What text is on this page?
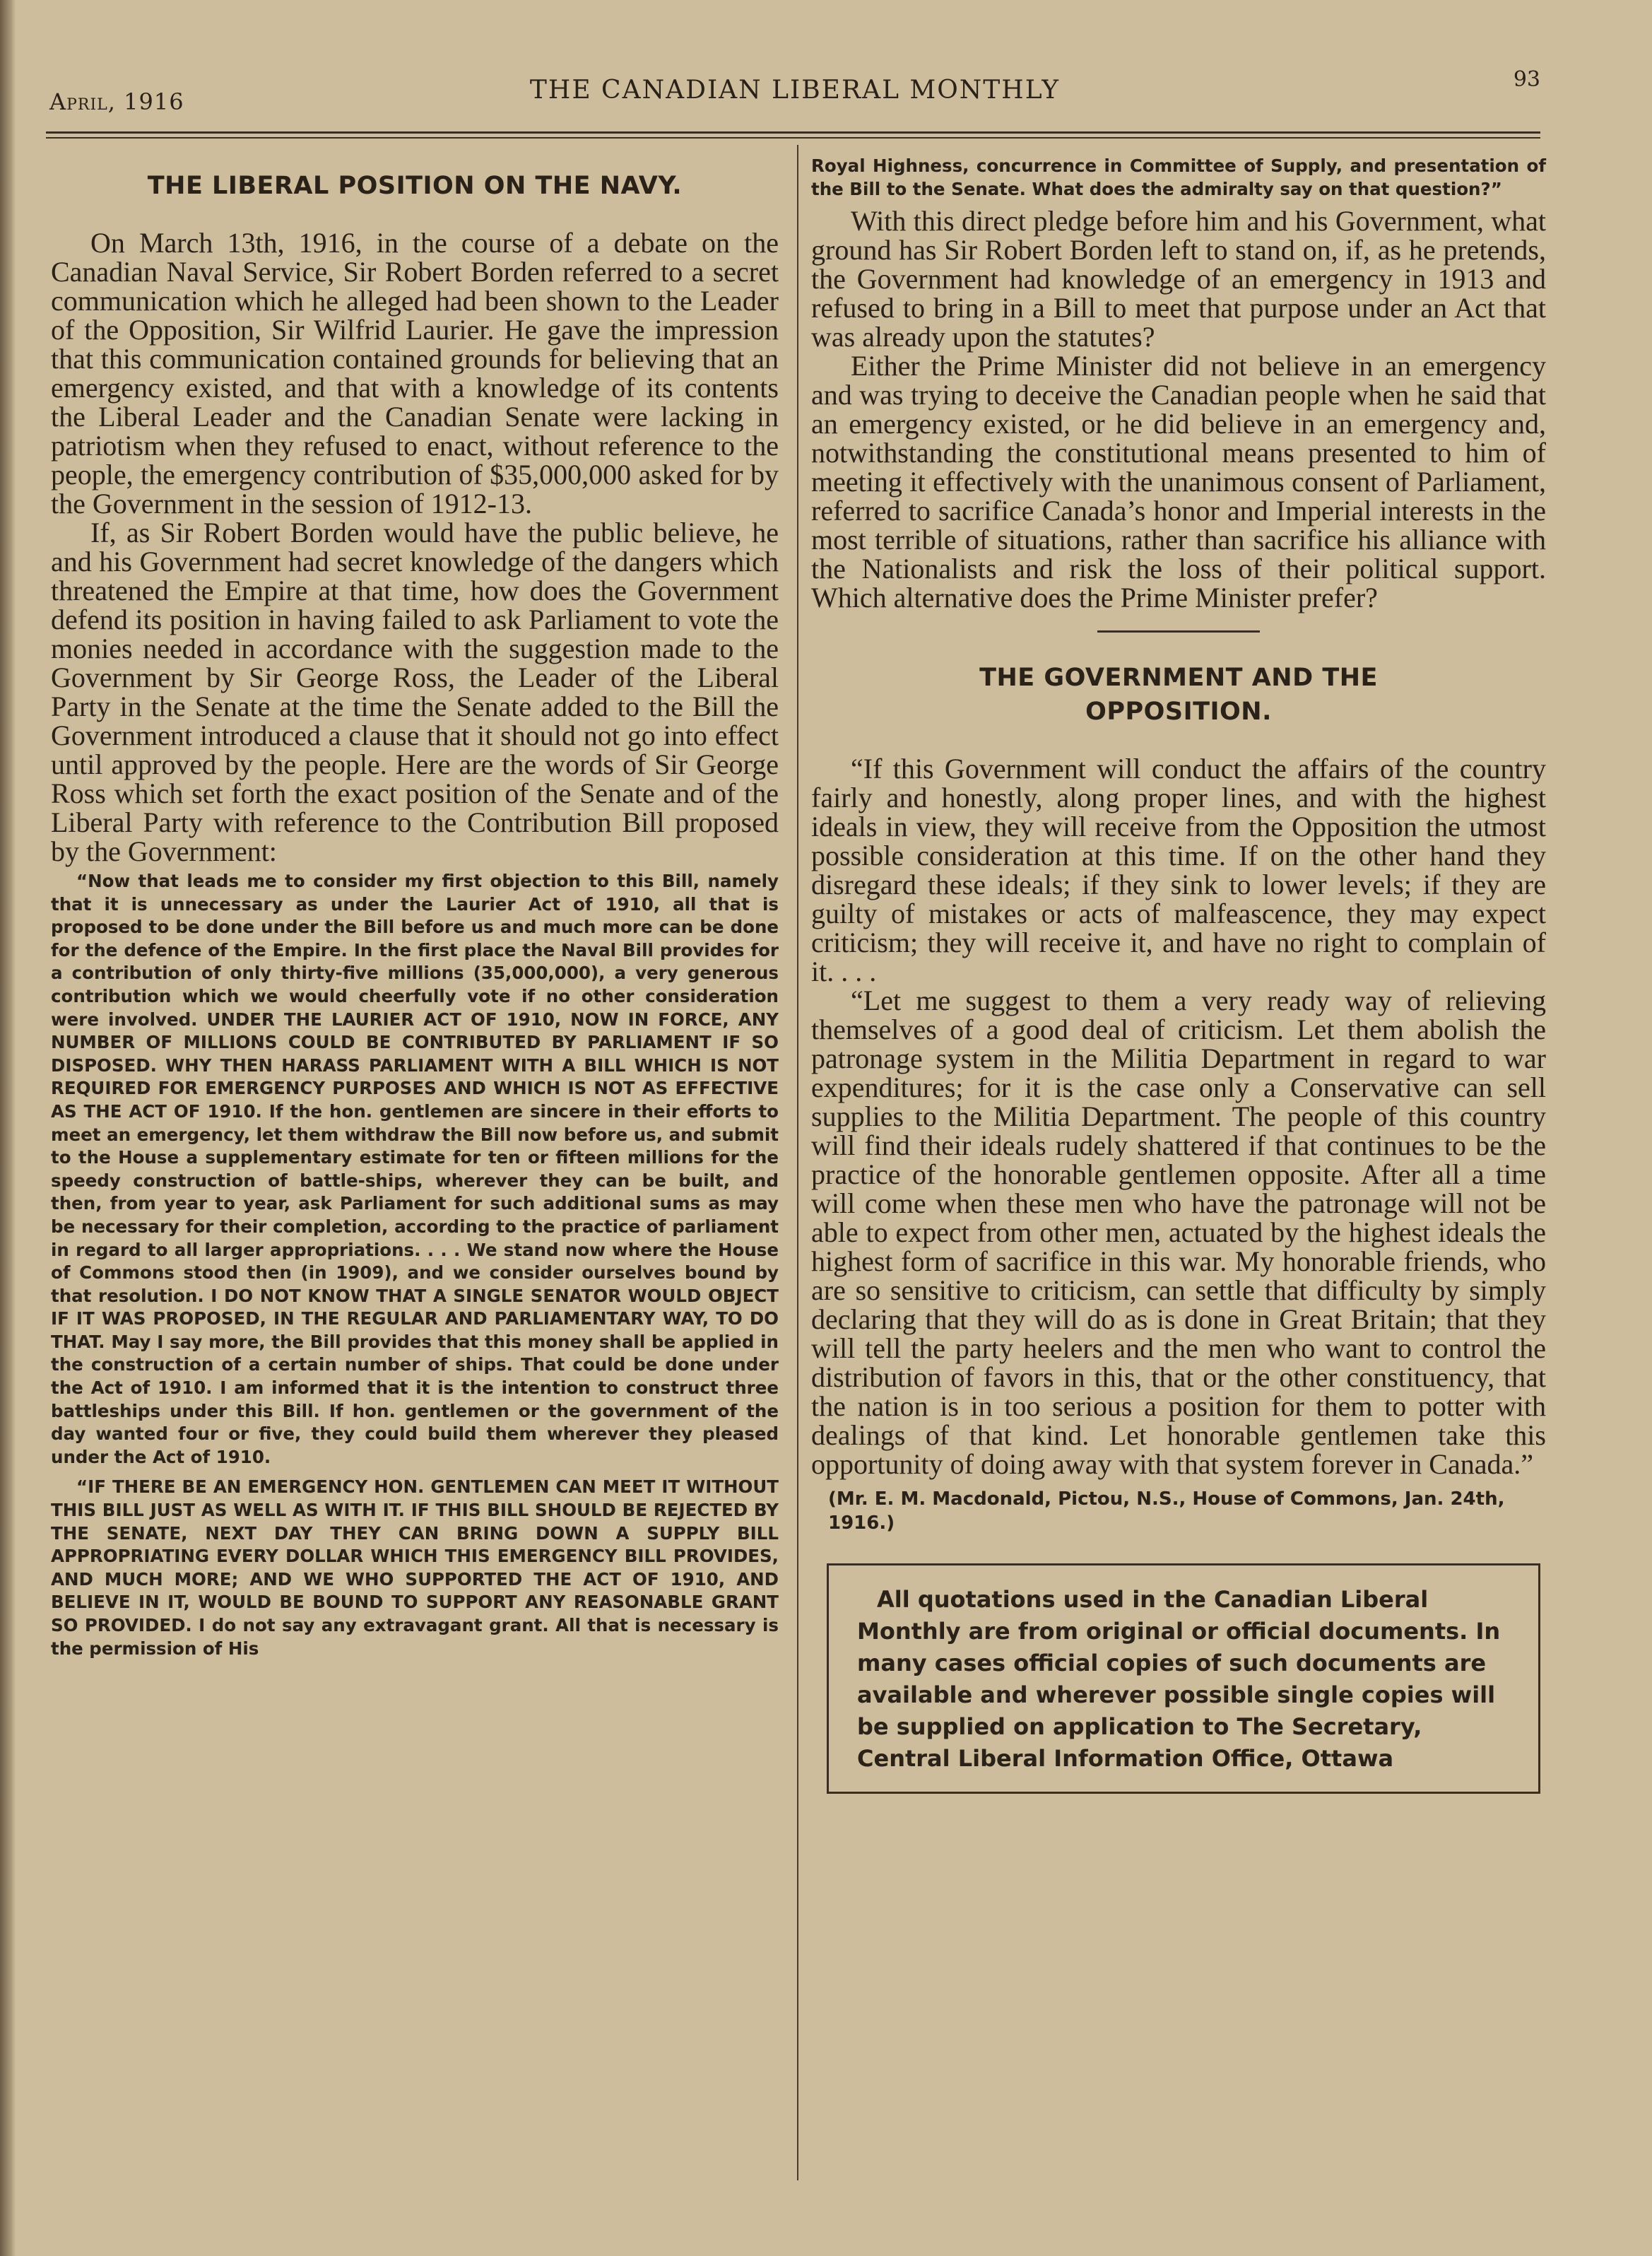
April, 1916	THE CANADIAN LIBERAL MONTHLY	93
THE LIBERAL POSITION ON THE NAVY.

On March 13th, 1916, in the course of a debate on the Canadian Naval Service, Sir Robert Borden referred to a secret communication which he alleged had been shown to the Leader of the Opposition, Sir Wilfrid Laurier. He gave the impression that this communication contained grounds for believing that an emergency existed, and that with a knowledge of its contents the Liberal Leader and the Canadian Senate were lacking in patriotism when they refused to enact, without reference to the people, the emergency contribution of $35,000,000 asked for by the Government in the session of 1912-13.

If, as Sir Robert Borden would have the public believe, he and his Government had secret knowledge of the dangers which threatened the Empire at that time, how does the Government defend its position in having failed to ask Parliament to vote the monies needed in accordance with the suggestion made to the Government by Sir George Ross, the Leader of the Liberal Party in the Senate at the time the Senate added to the Bill the Government introduced a clause that it should not go into effect until approved by the people. Here are the words of Sir George Ross which set forth the exact position of the Senate and of the Liberal Party with reference to the Contribution Bill proposed by the Government:

“Now that leads me to consider my first objection to this Bill, namely that it is unnecessary as under the Laurier Act of 1910, all that is proposed to be done under the Bill before us and much more can be done for the defence of the Empire. In the first place the Naval Bill provides for a contribution of only thirty-five millions (35,000,000), a very generous contribution which we would cheerfully vote if no other consideration were involved. UNDER THE LAURIER ACT OF 1910, NOW IN FORCE, ANY NUMBER OF MILLIONS COULD BE CONTRIBUTED BY PARLIAMENT IF SO DISPOSED. WHY THEN HARASS PARLIAMENT WITH A BILL WHICH IS NOT REQUIRED FOR EMERGENCY PURPOSES AND WHICH IS NOT AS EFFECTIVE AS THE ACT OF 1910. If the hon. gentlemen are sincere in their efforts to meet an emergency, let them withdraw the Bill now before us, and submit to the House a supplementary estimate for ten or fifteen millions for the speedy construction of battle-ships, wherever they can be built, and then, from year to year, ask Parliament for such additional sums as may be necessary for their completion, according to the practice of parliament in regard to all larger appropriations. . . . We stand now where the House of Commons stood then (in 1909), and we consider ourselves bound by that resolution. I DO NOT KNOW THAT A SINGLE SENATOR WOULD OBJECT IF IT WAS PROPOSED, IN THE REGULAR AND PARLIAMENTARY WAY, TO DO THAT. May I say more, the Bill provides that this money shall be applied in the construction of a certain number of ships. That could be done under the Act of 1910. I am informed that it is the intention to construct three battleships under this Bill. If hon. gentlemen or the government of the day wanted four or five, they could build them wherever they pleased under the Act of 1910.

“IF THERE BE AN EMERGENCY HON. GENTLEMEN CAN MEET IT WITHOUT THIS BILL JUST AS WELL AS WITH IT. IF THIS BILL SHOULD BE REJECTED BY THE SENATE, NEXT DAY THEY CAN BRING DOWN A SUPPLY BILL APPROPRIATING EVERY DOLLAR WHICH THIS EMERGENCY BILL PROVIDES, AND MUCH MORE; AND WE WHO SUPPORTED THE ACT OF 1910, AND BELIEVE IN IT, WOULD BE BOUND TO SUPPORT ANY REASONABLE GRANT SO PROVIDED. I do not say any extravagant grant. All that is necessary is the permission of His

Royal Highness, concurrence in Committee of Supply, and presentation of the Bill to the Senate. What does the admiralty say on that question?”

With this direct pledge before him and his Government, what ground has Sir Robert Borden left to stand on, if, as he pretends, the Government had knowledge of an emergency in 1913 and refused to bring in a Bill to meet that purpose under an Act that was already upon the statutes?

Either the Prime Minister did not believe in an emergency and was trying to deceive the Canadian people when he said that an emergency existed, or he did believe in an emergency and, notwithstanding the constitutional means presented to him of meeting it effectively with the unanimous consent of Parliament, referred to sacrifice Canada’s honor and Imperial interests in the most terrible of situations, rather than sacrifice his alliance with the Nationalists and risk the loss of their political support. Which alternative does the Prime Minister prefer?

THE GOVERNMENT AND THE
OPPOSITION.

“If this Government will conduct the affairs of the country fairly and honestly, along proper lines, and with the highest ideals in view, they will receive from the Opposition the utmost possible consideration at this time. If on the other hand they disregard these ideals; if they sink to lower levels; if they are guilty of mistakes or acts of malfeascence, they may expect criticism; they will receive it, and have no right to complain of it. . . .

“Let me suggest to them a very ready way of relieving themselves of a good deal of criticism. Let them abolish the patronage system in the Militia Department in regard to war expenditures; for it is the case only a Conservative can sell supplies to the Militia Department. The people of this country will find their ideals rudely shattered if that continues to be the practice of the honorable gentlemen opposite. After all a time will come when these men who have the patronage will not be able to expect from other men, actuated by the highest ideals the highest form of sacrifice in this war. My honorable friends, who are so sensitive to criticism, can settle that difficulty by simply declaring that they will do as is done in Great Britain; that they will tell the party heelers and the men who want to control the distribution of favors in this, that or the other constituency, that the nation is in too serious a position for them to potter with dealings of that kind. Let honorable gentlemen take this opportunity of doing away with that system forever in Canada.”

(Mr. E. M. Macdonald, Pictou, N.S., House of Commons, Jan. 24th, 1916.)

All quotations used in the Canadian Liberal Monthly are from original or official documents. In many cases official copies of such documents are available and wherever possible single copies will be supplied on application to The Secretary, Central Liberal Information Office, Ottawa
